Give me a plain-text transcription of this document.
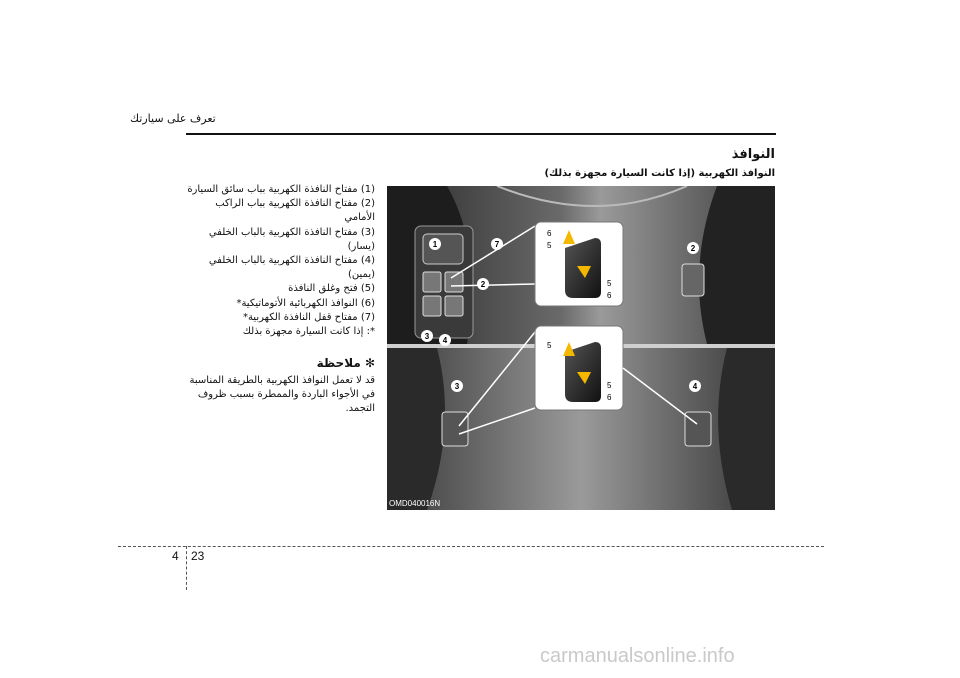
تعرف على سيارتك
النوافذ
النوافذ الكهربية (إذا كانت السيارة مجهزة بذلك)
(1) مفتاح النافذة الكهربية بباب سائق السيارة
(2) مفتاح النافذة الكهربية بباب الراكب الأمامي
(3) مفتاح النافذة الكهربية بالباب الخلفي (يسار)
(4) مفتاح النافذة الكهربية بالباب الخلفي (يمين)
(5) فتح وغلق النافذة
(6) النوافذ الكهربائية الأتوماتيكية*
(7) مفتاح قفل النافذة الكهربية*
*: إذا كانت السيارة مجهزة بذلك
✻ ملاحظة
قد لا تعمل النوافذ الكهربية بالطريقة المناسبة في الأجواء الباردة والممطرة بسبب ظروف التجمد.
1
2
3 4
7	2
3	4
6
5
5
6
5
5
6
OMD040016N
4 23
carmanualsonline.info
